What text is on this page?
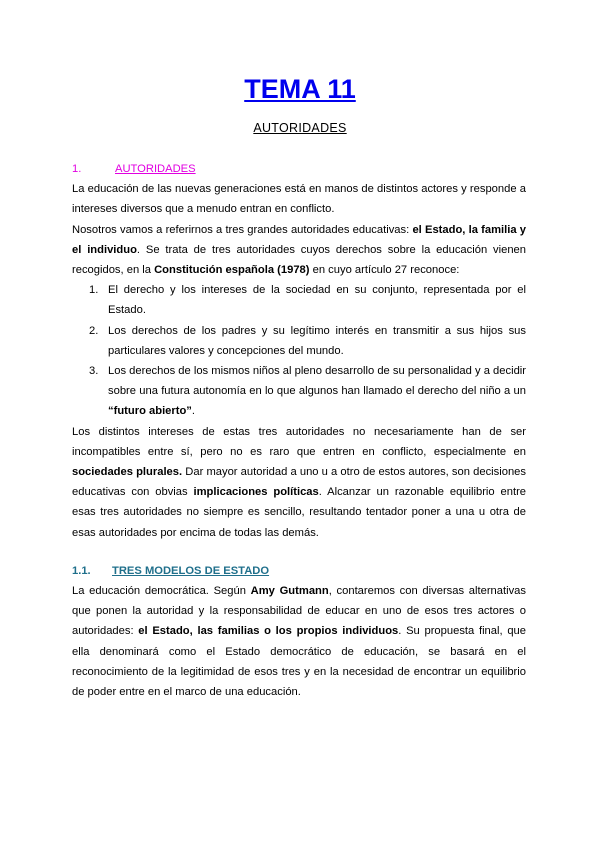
TEMA 11
AUTORIDADES
1.	AUTORIDADES

La educación de las nuevas generaciones está en manos de distintos actores y responde a intereses diversos que a menudo entran en conflicto.

Nosotros vamos a referirnos a tres grandes autoridades educativas: el Estado, la familia y el individuo. Se trata de tres autoridades cuyos derechos sobre la educación vienen recogidos, en la Constitución española (1978) en cuyo artículo 27 reconoce:

1. El derecho y los intereses de la sociedad en su conjunto, representada por el Estado.
2. Los derechos de los padres y su legítimo interés en transmitir a sus hijos sus particulares valores y concepciones del mundo.
3. Los derechos de los mismos niños al pleno desarrollo de su personalidad y a decidir sobre una futura autonomía en lo que algunos han llamado el derecho del niño a un “futuro abierto”.

Los distintos intereses de estas tres autoridades no necesariamente han de ser incompatibles entre sí, pero no es raro que entren en conflicto, especialmente en sociedades plurales. Dar mayor autoridad a uno u a otro de estos autores, son decisiones educativas con obvias implicaciones políticas. Alcanzar un razonable equilibrio entre esas tres autoridades no siempre es sencillo, resultando tentador poner a una u otra de esas autoridades por encima de todas las demás.

1.1. TRES MODELOS DE ESTADO

La educación democrática. Según Amy Gutmann, contaremos con diversas alternativas que ponen la autoridad y la responsabilidad de educar en uno de esos tres actores o autoridades: el Estado, las familias o los propios individuos. Su propuesta final, que ella denominará como el Estado democrático de educación, se basará en el reconocimiento de la legitimidad de esos tres y en la necesidad de encontrar un equilibrio de poder entre en el marco de una educación.
